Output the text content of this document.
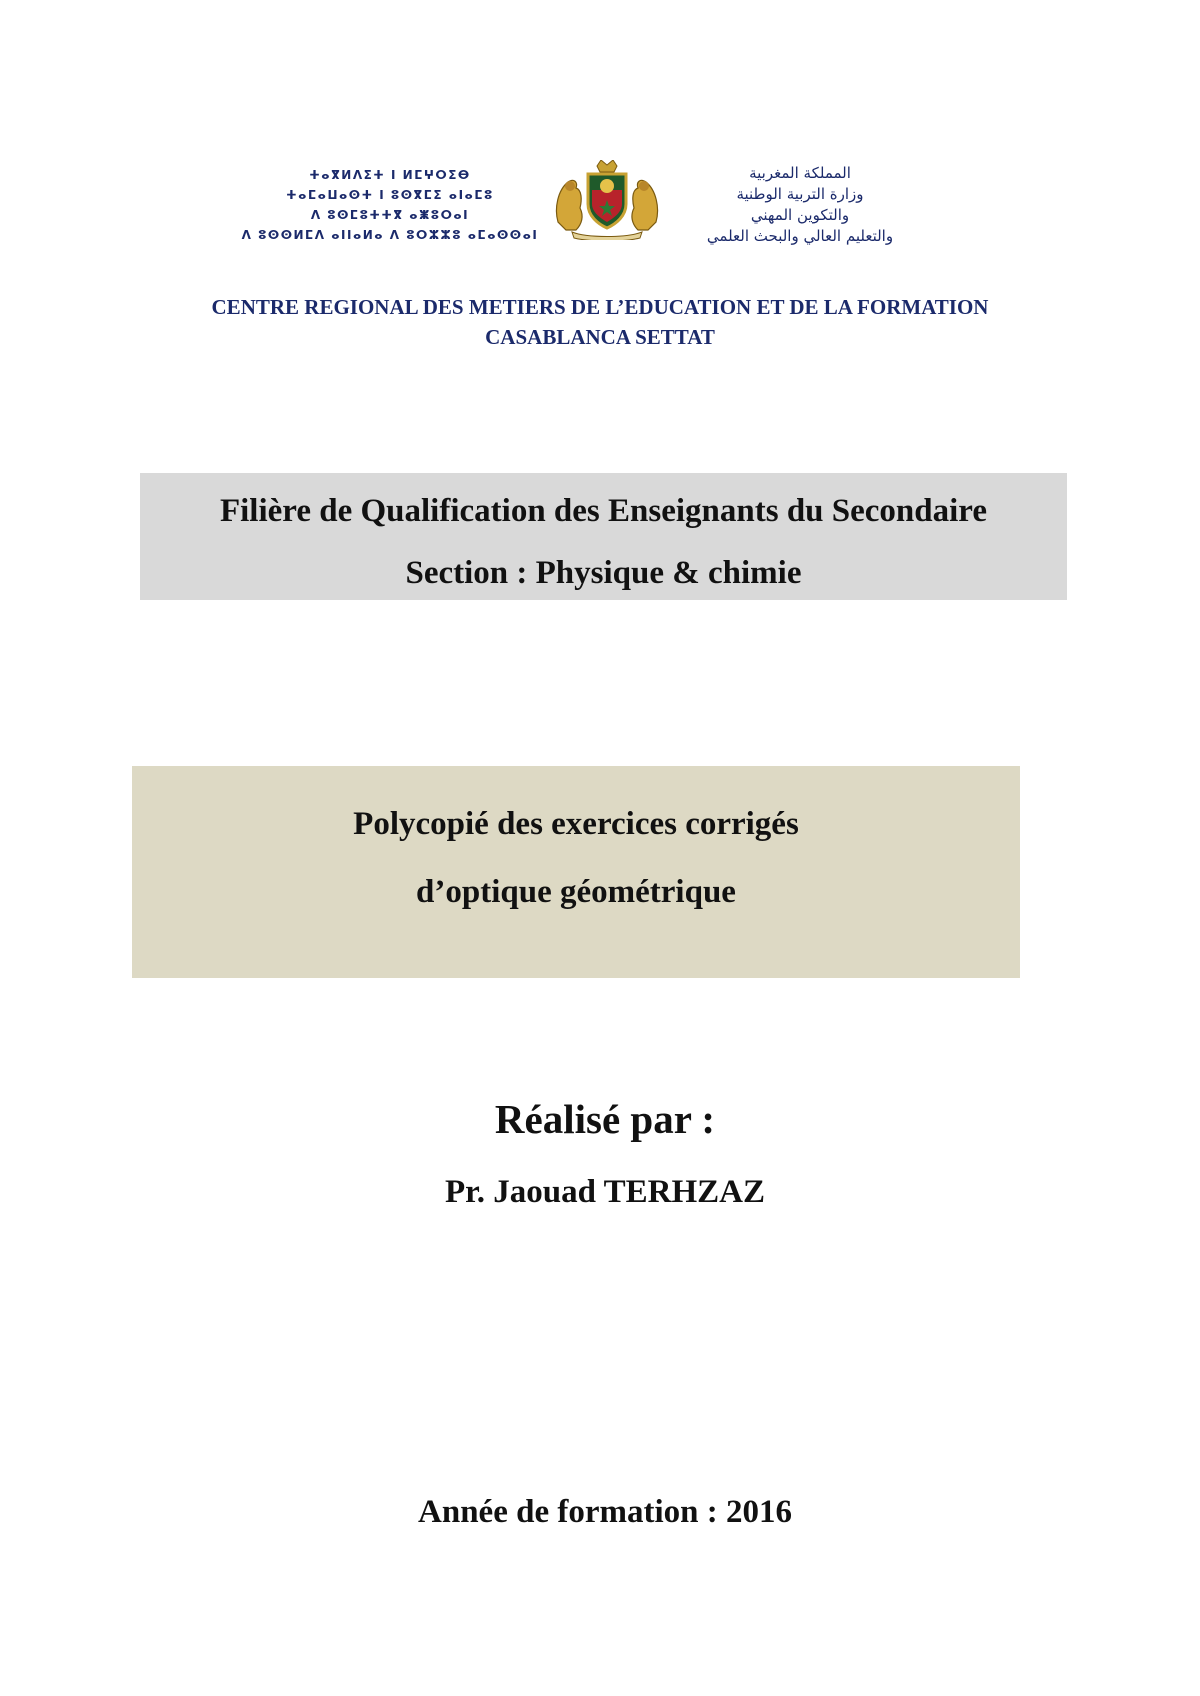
ⵜⴰⴳⵍⴷⵉⵜ ⵏ ⵍⵎⵖⵔⵉⴱ
ⵜⴰⵎⴰⵡⴰⵙⵜ ⵏ ⵓⵙⴳⵎⵉ ⴰⵏⴰⵎⵓ
ⴷ ⵓⵙⵎⵓⵜⵜⴳ ⴰⵥⵓⵔⴰⵏ
ⴷ ⵓⵙⵙⵍⵎⴷ ⴰⵏⵏⴰⵍⴰ ⴷ ⵓⵔⵣⵣⵓ ⴰⵎⴰⵙⵙⴰⵏ
المملكة المغربية
وزارة التربية الوطنية
والتكوين المهني
والتعليم العالي والبحث العلمي
CENTRE REGIONAL DES METIERS DE L’EDUCATION ET DE LA FORMATION
CASABLANCA SETTAT
Filière de Qualification des Enseignants du Secondaire
Section : Physique & chimie
Polycopié des exercices corrigés
d’optique géométrique
Réalisé par :
Pr. Jaouad TERHZAZ
Année de formation : 2016
